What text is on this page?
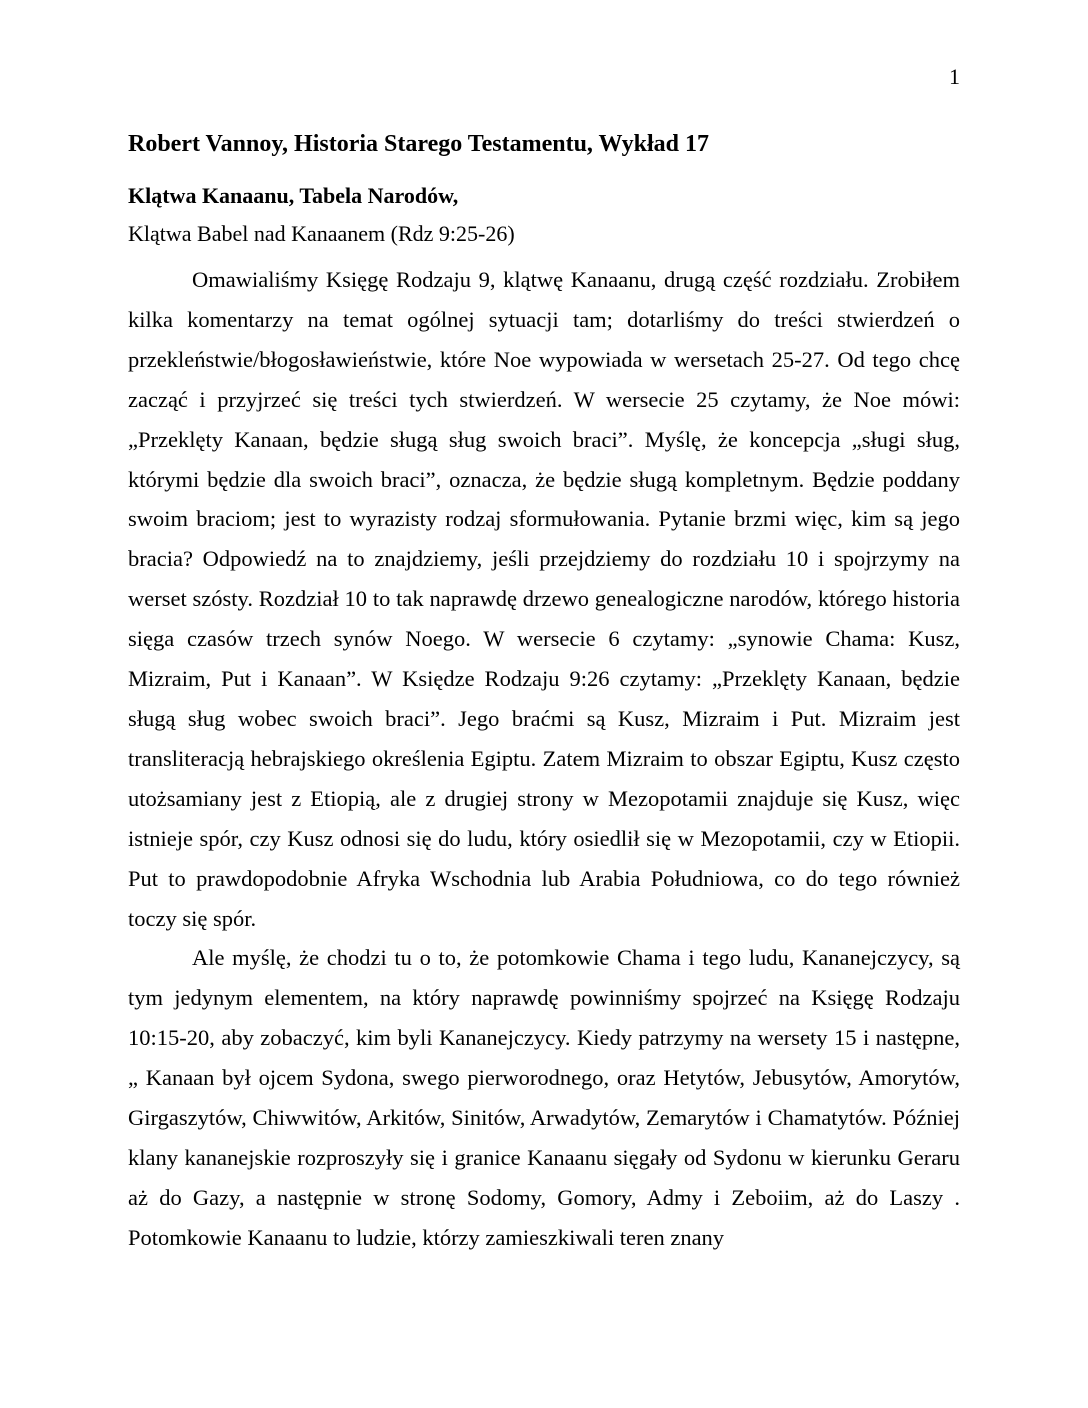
1
Robert Vannoy, Historia Starego Testamentu, Wykład 17
Klątwa Kanaanu, Tabela Narodów,
Klątwa Babel nad Kanaanem (Rdz 9:25-26)

Omawialiśmy Księgę Rodzaju 9, klątwę Kanaanu, drugą część rozdziału. Zrobiłem kilka komentarzy na temat ogólnej sytuacji tam; dotarliśmy do treści stwierdzeń o przekleństwie/błogosławieństwie, które Noe wypowiada w wersetach 25-27. Od tego chcę zacząć i przyjrzeć się treści tych stwierdzeń. W wersecie 25 czytamy, że Noe mówi: „Przeklęty Kanaan, będzie sługą sług swoich braci”. Myślę, że koncepcja „sługi sług, którymi będzie dla swoich braci”, oznacza, że będzie sługą kompletnym. Będzie poddany swoim braciom; jest to wyrazisty rodzaj sformułowania. Pytanie brzmi więc, kim są jego bracia? Odpowiedź na to znajdziemy, jeśli przejdziemy do rozdziału 10 i spojrzymy na werset szósty. Rozdział 10 to tak naprawdę drzewo genealogiczne narodów, którego historia sięga czasów trzech synów Noego. W wersecie 6 czytamy: „synowie Chama: Kusz, Mizraim, Put i Kanaan”. W Księdze Rodzaju 9:26 czytamy: „Przeklęty Kanaan, będzie sługą sług wobec swoich braci”. Jego braćmi są Kusz, Mizraim i Put. Mizraim jest transliteracją hebrajskiego określenia Egiptu. Zatem Mizraim to obszar Egiptu, Kusz często utożsamiany jest z Etiopią, ale z drugiej strony w Mezopotamii znajduje się Kusz, więc istnieje spór, czy Kusz odnosi się do ludu, który osiedlił się w Mezopotamii, czy w Etiopii. Put to prawdopodobnie Afryka Wschodnia lub Arabia Południowa, co do tego również toczy się spór.

Ale myślę, że chodzi tu o to, że potomkowie Chama i tego ludu, Kananejczycy, są tym jedynym elementem, na który naprawdę powinniśmy spojrzeć na Księgę Rodzaju 10:15-20, aby zobaczyć, kim byli Kananejczycy. Kiedy patrzymy na wersety 15 i następne, „ Kanaan był ojcem Sydona, swego pierworodnego, oraz Hetytów, Jebusytów, Amorytów, Girgaszytów, Chiwwitów, Arkitów, Sinitów, Arwadytów, Zemarytów i Chamatytów. Później klany kananejskie rozproszyły się i granice Kanaanu sięgały od Sydonu w kierunku Geraru aż do Gazy, a następnie w stronę Sodomy, Gomory, Admy i Zeboiim, aż do Laszy . Potomkowie Kanaanu to ludzie, którzy zamieszkiwali teren znany
